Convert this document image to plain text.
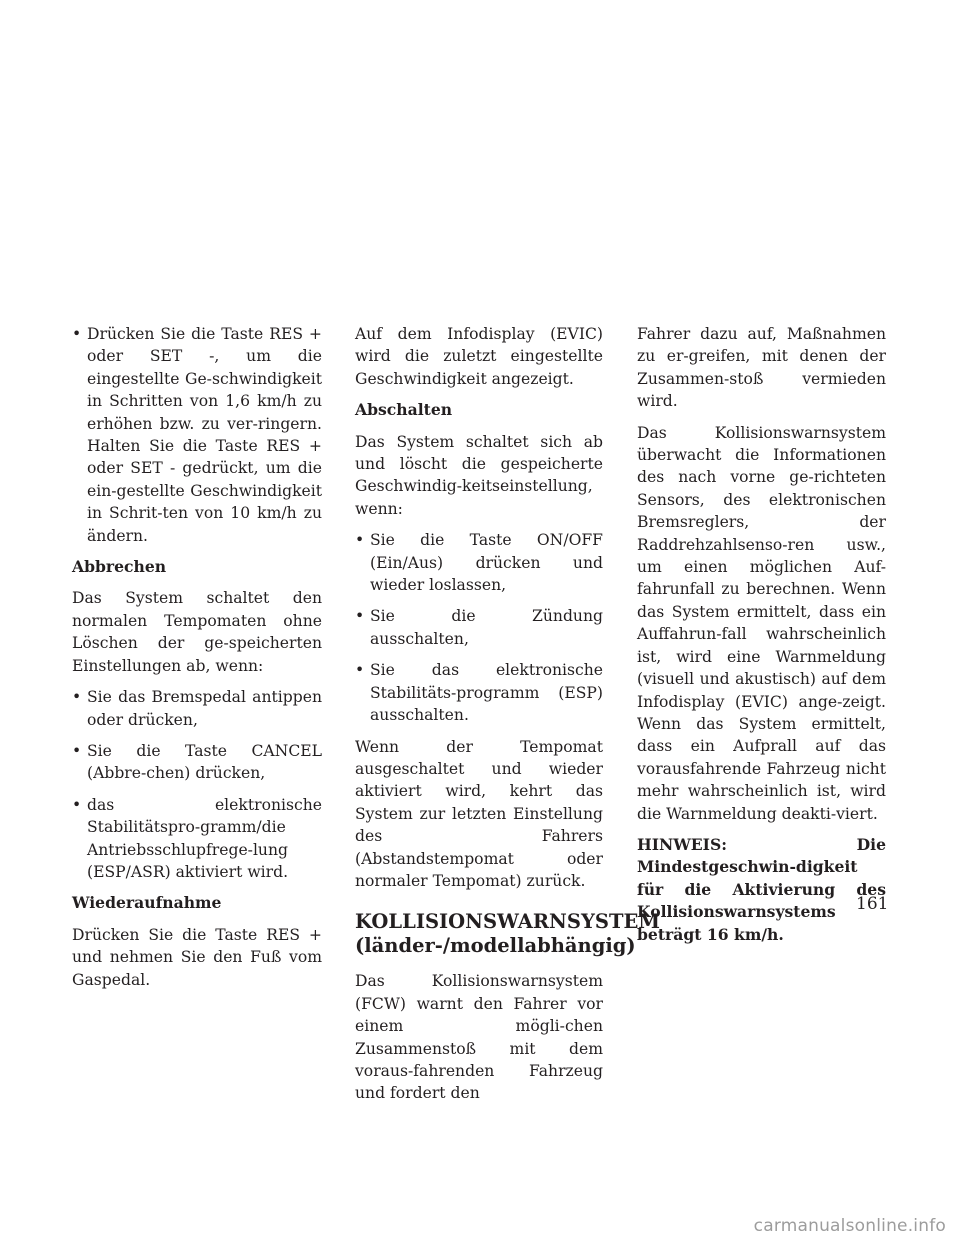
• Drücken Sie die Taste RES + oder SET -, um die eingestellte Ge-schwindigkeit in Schritten von 1,6 km/h zu erhöhen bzw. zu ver-ringern. Halten Sie die Taste RES + oder SET - gedrückt, um die ein-gestellte Geschwindigkeit in Schrit-ten von 10 km/h zu ändern.

Abbrechen

Das System schaltet den normalen Tempomaten ohne Löschen der ge-speicherten Einstellungen ab, wenn:

• Sie das Bremspedal antippen oder drücken,

• Sie die Taste CANCEL (Abbre-chen) drücken,

• das elektronische Stabilitätspro-gramm/die Antriebsschlupfrege-lung (ESP/ASR) aktiviert wird.

Wiederaufnahme

Drücken Sie die Taste RES + und nehmen Sie den Fuß vom Gaspedal.

Auf dem Infodisplay (EVIC) wird die zuletzt eingestellte Geschwindigkeit angezeigt.

Abschalten

Das System schaltet sich ab und löscht die gespeicherte Geschwindig-keitseinstellung, wenn:

• Sie die Taste ON/OFF (Ein/Aus) drücken und wieder loslassen,

• Sie die Zündung ausschalten,

• Sie das elektronische Stabilitäts-programm (ESP) ausschalten.

Wenn der Tempomat ausgeschaltet und wieder aktiviert wird, kehrt das System zur letzten Einstellung des Fahrers (Abstandstempomat oder normaler Tempomat) zurück.

KOLLISIONSWARNSYSTEM (länder-/modellabhängig)

Das Kollisionswarnsystem (FCW) warnt den Fahrer vor einem mögli-chen Zusammenstoß mit dem voraus-fahrenden Fahrzeug und fordert den

Fahrer dazu auf, Maßnahmen zu er-greifen, mit denen der Zusammen-stoß vermieden wird.

Das Kollisionswarnsystem überwacht die Informationen des nach vorne ge-richteten Sensors, des elektronischen Bremsreglers, der Raddrehzahlsenso-ren usw., um einen möglichen Auf-fahrunfall zu berechnen. Wenn das System ermittelt, dass ein Auffahrun-fall wahrscheinlich ist, wird eine Warnmeldung (visuell und akustisch) auf dem Infodisplay (EVIC) ange-zeigt. Wenn das System ermittelt, dass ein Aufprall auf das vorausfahrende Fahrzeug nicht mehr wahrscheinlich ist, wird die Warnmeldung deakti-viert.

HINWEIS: Die Mindestgeschwin-digkeit für die Aktivierung des Kollisionswarnsystems beträgt 16 km/h.

161
carmanualsonline.info
